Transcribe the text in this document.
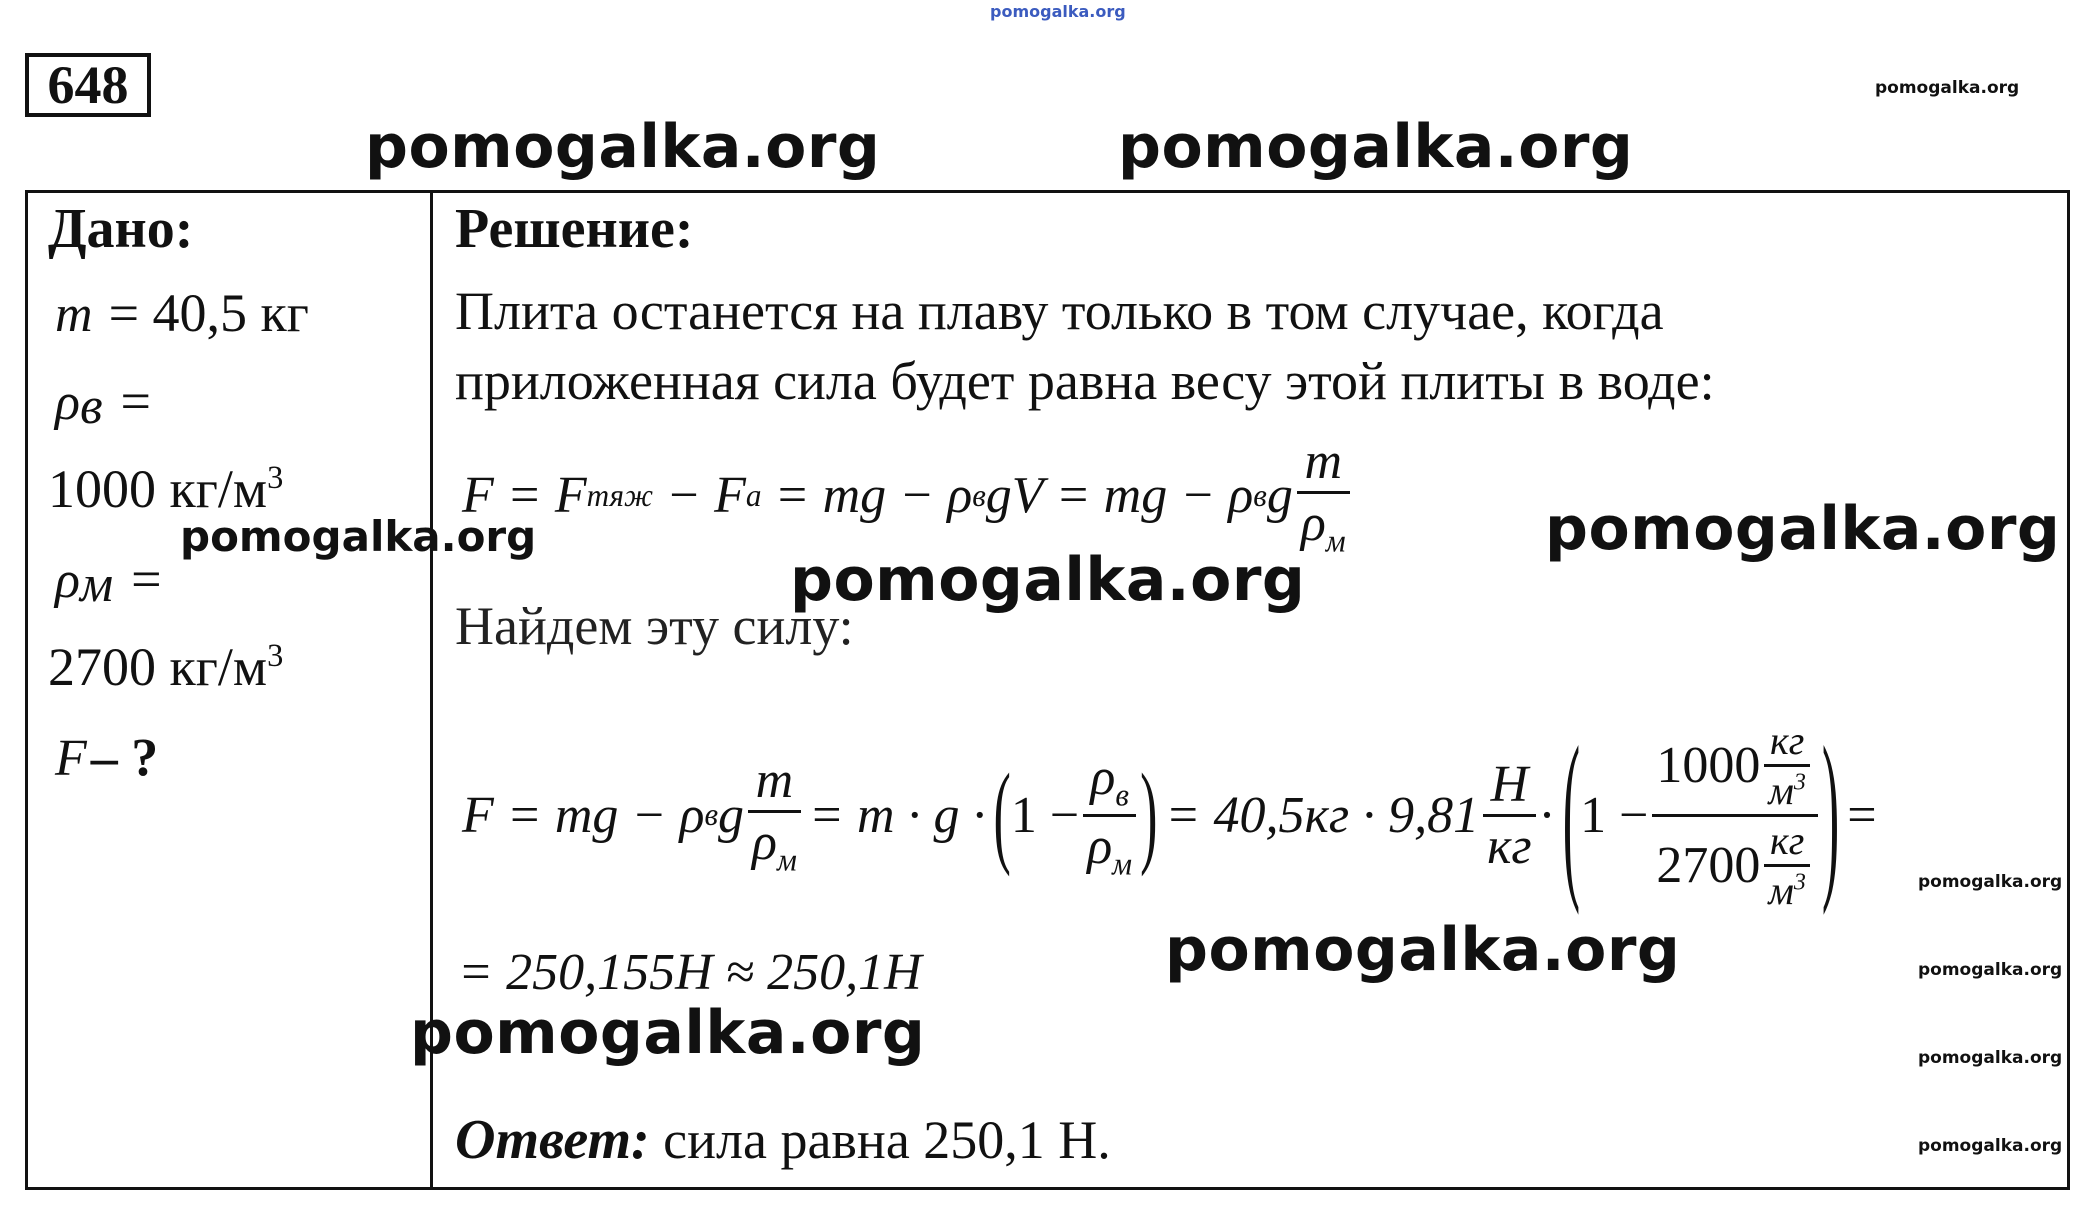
pomogalka.org
648	pomogalka.org
pomogalka.org	pomogalka.org
Дано:
m = 40,5 кг
$\rho_в$ =
1000 $кг/м^3$
pomogalka.org
$\rho_м$ =
2700 $кг/м^3$
F – ?
Решение:
Плита останется на плаву только в том случае, когда
приложенная сила будет равна весу этой плиты в воде:
F = F тяж − F a = mg − ρ в gV = mg − ρ в g $\frac{m}{\rho_м}$	pomogalka.org
pomogalka.org
Найдем эту силу:
F = mg − ρ в g $\frac{m}{\rho_м} = m \cdot g$ · ( $1 - \frac{\rho_в}{\rho_м}$ ) = $40,5кг \cdot 9,81 \frac{Н}{кг}$ · ( $1 - \frac{1000 \frac{кг}{м^3}}{2700 \frac{кг}{м^3}}$ ) =
pomogalka.org
= 250,155Н ≈ 250,1Н	pomogalka.org	pomogalka.org
pomogalka.org	pomogalka.org
Ответ: сила равна 250,1 Н.	pomogalka.org
